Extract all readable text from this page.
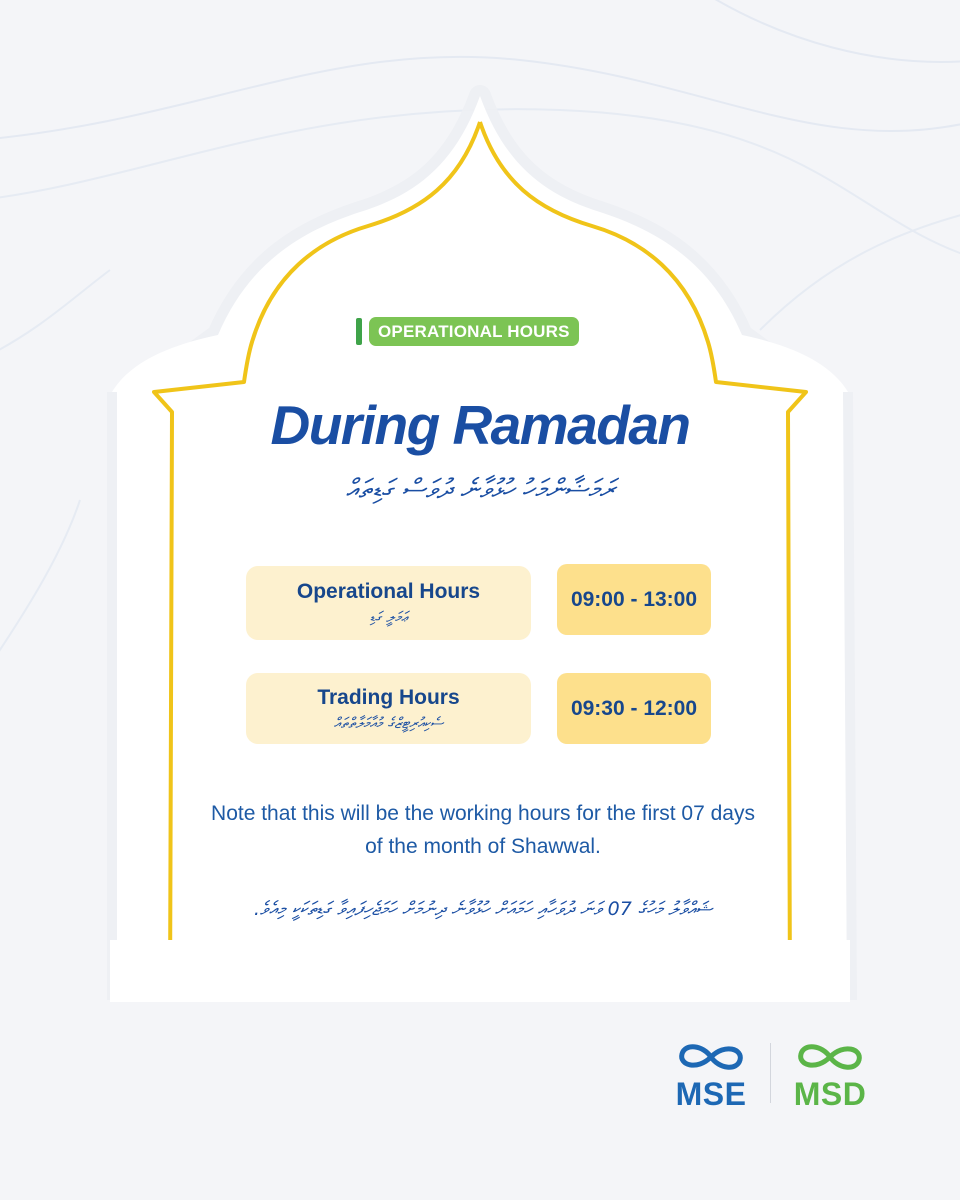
OPERATIONAL HOURS
During Ramadan
ރަމަޟާންމަހު ހުޅުވާނެ ދުވަސް ގަޑިތައް
Operational Hours
ޢަމަލީ ގަޑި
09:00 - 13:00
Trading Hours
ސެކިއުރިޓީޒްގެ މުއާމަލާތްތައް
09:30 - 12:00
Note that this will be the working hours for the first 07 days of the month of Shawwal.
ޝައްވާލު މަހުގެ 07 ވަނަ ދުވަހާއި ހަމައަށް ހުޅުވާނެ ދިނުމަށް ހަމަޖެހިފައިވާ ގަޑިތަކަކީ މިއެވެ.
MSE MSD
